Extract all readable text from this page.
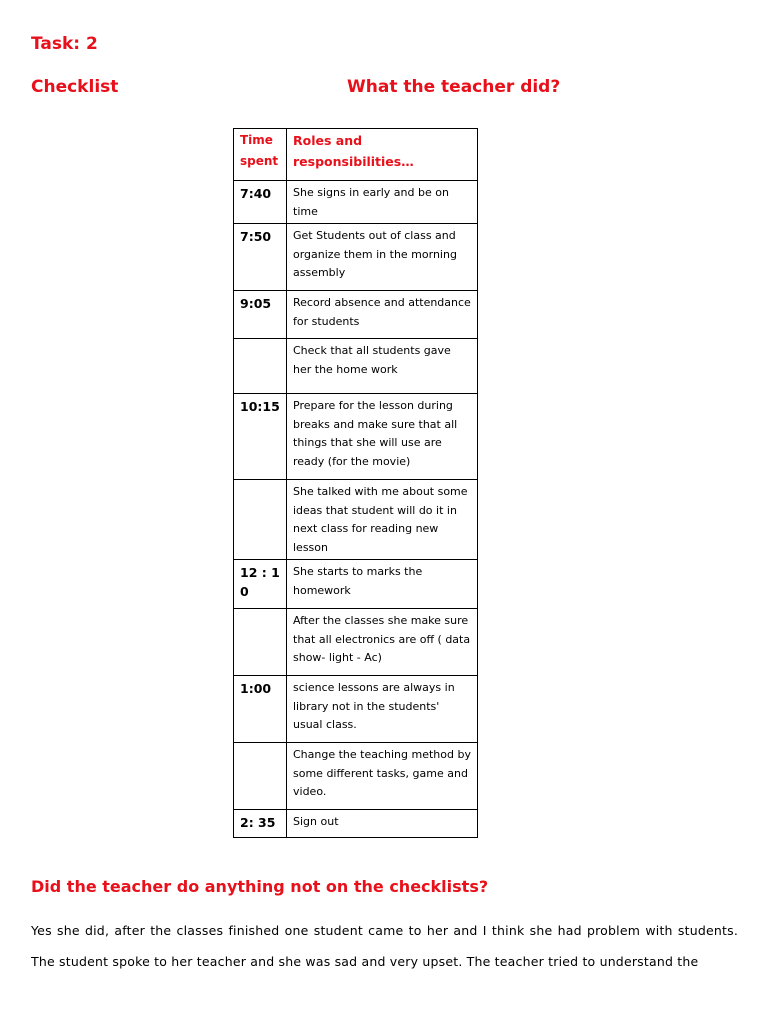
Task: 2
Checklist	What the teacher did?
Time spent	Roles and responsibilities…
7:40	She signs in early and be on time
7:50	Get Students out of class and organize them in the morning assembly
9:05	Record absence and attendance for students
	Check that all students gave her the home work
10:15	Prepare for the lesson during breaks and make sure that all things that she will use are ready (for the movie)
	She talked with me about some ideas that student will do it in next class for reading new lesson
12 : 10	She starts to marks the homework
	After the classes she make sure that all electronics are off ( data show- light - Ac)
1:00	science lessons are always in library not in the students' usual class.
	Change the teaching method by some different tasks, game and video.
2: 35	Sign out
Did the teacher do anything not on the checklists?
Yes she did, after the classes finished one student came to her and I think she had problem with students. The student spoke to her teacher and she was sad and very upset. The teacher tried to understand the
